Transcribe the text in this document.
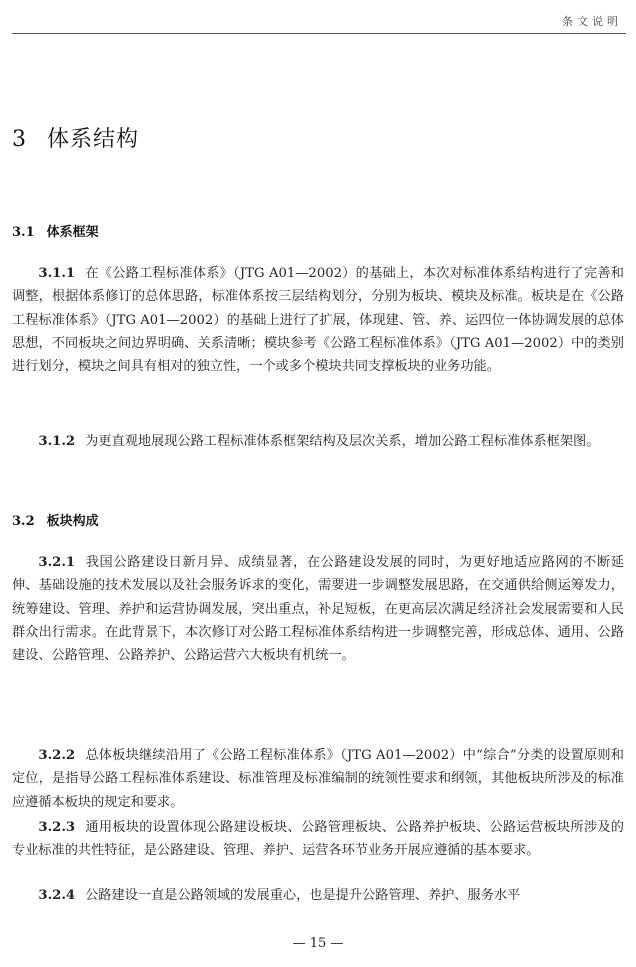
条文说明
3 体系结构
3.1 体系框架

3.1.1 在《公路工程标准体系》（JTG A01—2002）的基础上，本次对标准体系结构进行了完善和调整，根据体系修订的总体思路，标准体系按三层结构划分，分别为板块、模块及标准。板块是在《公路工程标准体系》（JTG A01—2002）的基础上进行了扩展，体现建、管、养、运四位一体协调发展的总体思想，不同板块之间边界明确、关系清晰；模块参考《公路工程标准体系》（JTG A01—2002）中的类别进行划分，模块之间具有相对的独立性，一个或多个模块共同支撑板块的业务功能。

3.1.2 为更直观地展现公路工程标准体系框架结构及层次关系，增加公路工程标准体系框架图。

3.2 板块构成

3.2.1 我国公路建设日新月异、成绩显著，在公路建设发展的同时，为更好地适应路网的不断延伸、基础设施的技术发展以及社会服务诉求的变化，需要进一步调整发展思路，在交通供给侧运筹发力，统筹建设、管理、养护和运营协调发展，突出重点，补足短板，在更高层次满足经济社会发展需要和人民群众出行需求。在此背景下，本次修订对公路工程标准体系结构进一步调整完善，形成总体、通用、公路建设、公路管理、公路养护、公路运营六大板块有机统一。

3.2.2 总体板块继续沿用了《公路工程标准体系》（JTG A01—2002）中“综合”分类的设置原则和定位，是指导公路工程标准体系建设、标准管理及标准编制的统领性要求和纲领，其他板块所涉及的标准应遵循本板块的规定和要求。

3.2.3 通用板块的设置体现公路建设板块、公路管理板块、公路养护板块、公路运营板块所涉及的专业标准的共性特征，是公路建设、管理、养护、运营各环节业务开展应遵循的基本要求。

3.2.4 公路建设一直是公路领域的发展重心，也是提升公路管理、养护、服务水平

— 15 —
